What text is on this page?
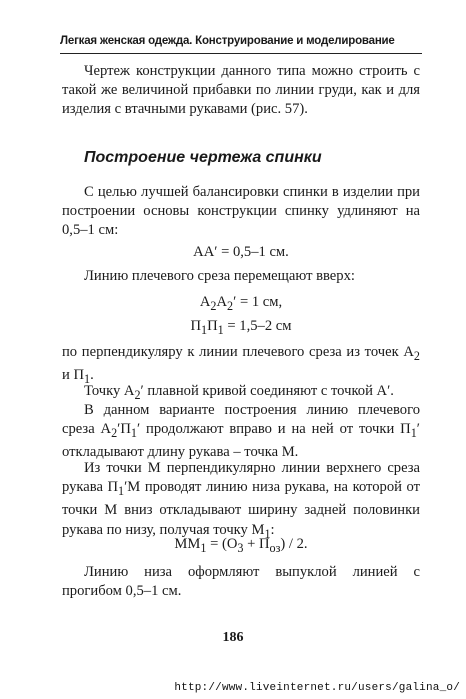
Легкая женская одежда. Конструирование и моделирование

Чертеж конструкции данного типа можно строить с такой же величиной прибавки по линии груди, как и для изделия с втачными рукавами (рис. 57).

Построение чертежа спинки

С целью лучшей балансировки спинки в изделии при построении основы конструкции спинку удлиняют на 0,5–1 см:

АА′ = 0,5–1 см.

Линию плечевого среза перемещают вверх:

$А_2А_2' = 1$ см,
$П_1П_1 = 1,5-2$ см

по перпендикуляру к линии плечевого среза из точек $А_2$ и $П_1$.

Точку $А_2'$ плавной кривой соединяют с точкой А′.

В данном варианте построения линию плечевого среза $А_2'П_1'$ продолжают вправо и на ней от точки $П_1'$ откладывают длину рукава – точка М.

Из точки М перпендикулярно линии верхнего среза рукава $П_1'М$ проводят линию низа рукава, на которой от точки М вниз откладывают ширину задней половинки рукава по низу, получая точку $М_1$:

$ММ_1 = (О_3 + П_{оз}) / 2$.

Линию низа оформляют выпуклой линией с прогибом 0,5–1 см.

186
http://www.liveinternet.ru/users/galina_o/
